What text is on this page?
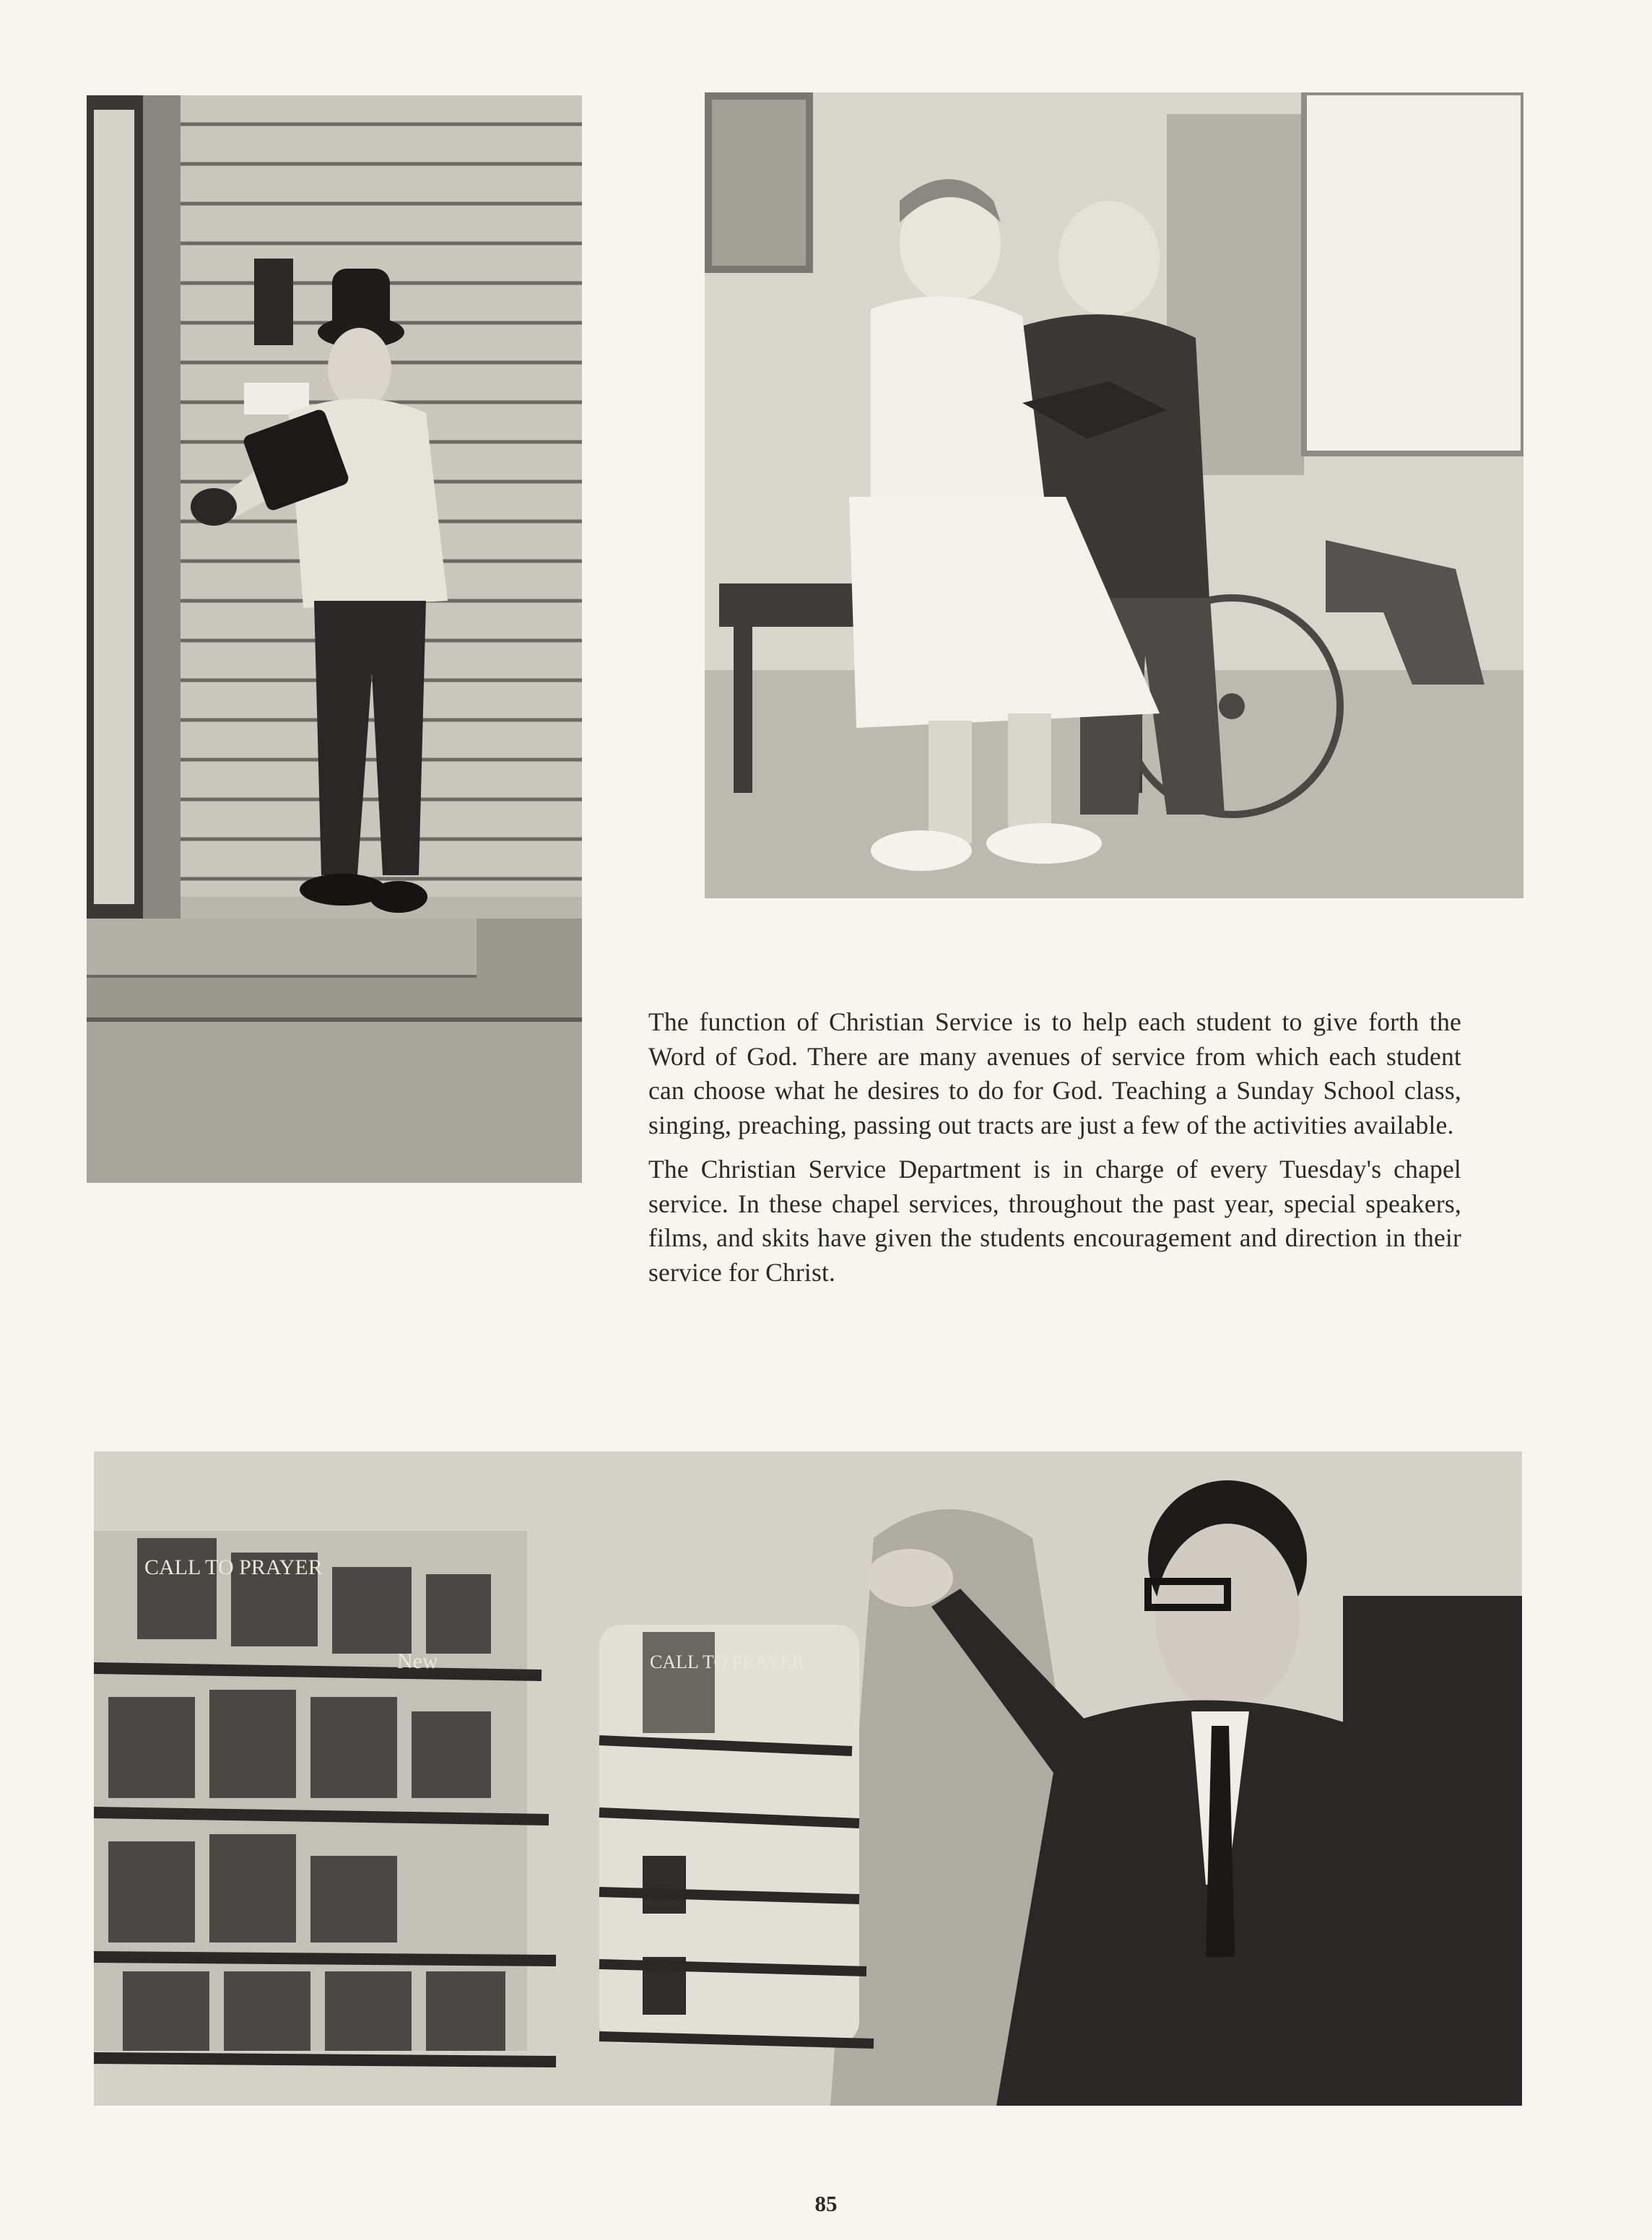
The function of Christian Service is to help each student to give forth the Word of God. There are many avenues of service from which each student can choose what he desires to do for God. Teaching a Sunday School class, singing, preaching, passing out tracts are just a few of the activities available.

The Christian Service Department is in charge of every Tuesday's chapel service. In these chapel services, throughout the past year, special speakers, films, and skits have given the students encouragement and direction in their service for Christ.

CALL TO PRAYER
CALL TO PRAYER
New
85
